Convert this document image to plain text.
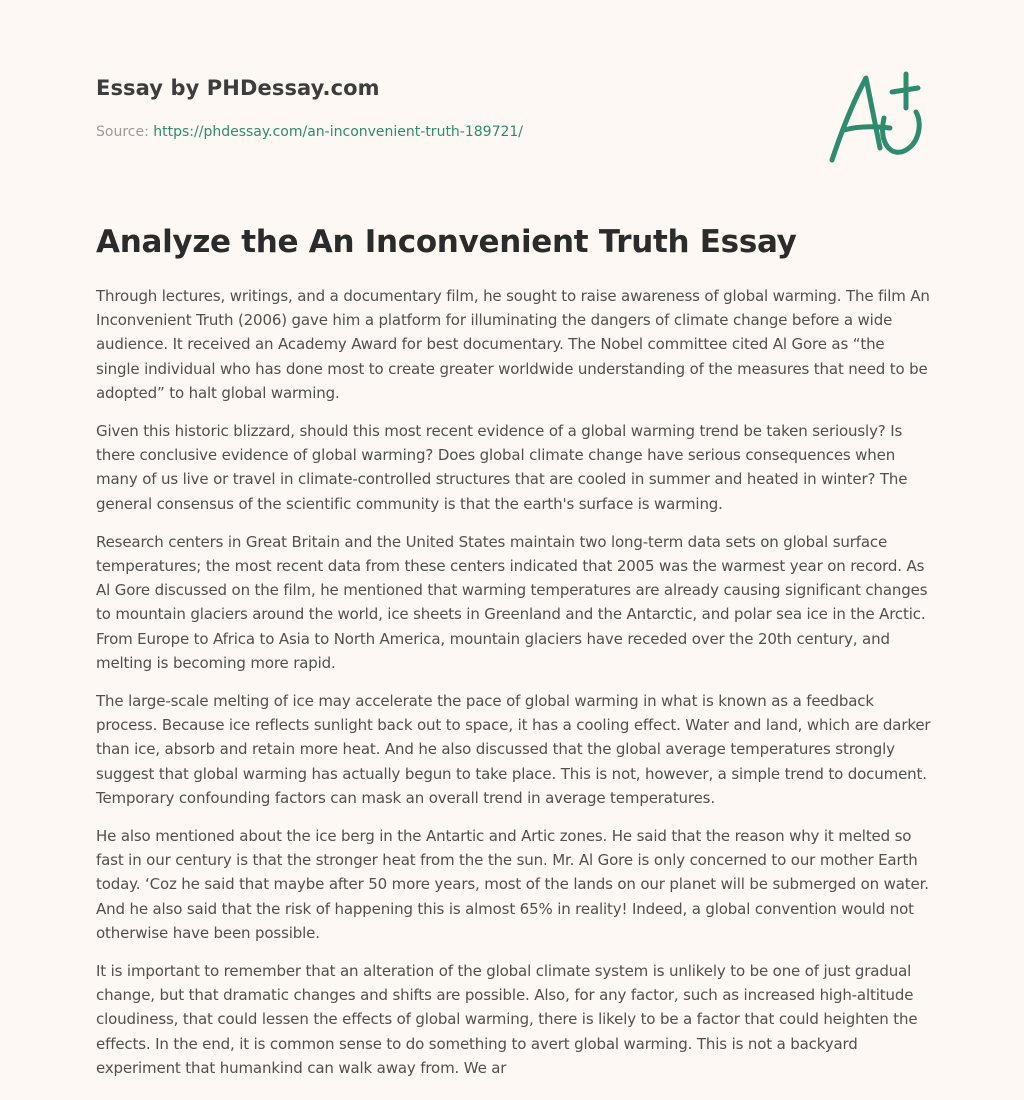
Essay by PHDessay.com
Source: https://phdessay.com/an-inconvenient-truth-189721/
Analyze the An Inconvenient Truth Essay

Through lectures, writings, and a documentary film, he sought to raise awareness of global warming. The film An Inconvenient Truth (2006) gave him a platform for illuminating the dangers of climate change before a wide audience. It received an Academy Award for best documentary. The Nobel committee cited Al Gore as “the single individual who has done most to create greater worldwide understanding of the measures that need to be adopted” to halt global warming.

Given this historic blizzard, should this most recent evidence of a global warming trend be taken seriously? Is there conclusive evidence of global warming? Does global climate change have serious consequences when many of us live or travel in climate-controlled structures that are cooled in summer and heated in winter? The general consensus of the scientific community is that the earth's surface is warming.

Research centers in Great Britain and the United States maintain two long-term data sets on global surface temperatures; the most recent data from these centers indicated that 2005 was the warmest year on record. As Al Gore discussed on the film, he mentioned that warming temperatures are already causing significant changes to mountain glaciers around the world, ice sheets in Greenland and the Antarctic, and polar sea ice in the Arctic. From Europe to Africa to Asia to North America, mountain glaciers have receded over the 20th century, and melting is becoming more rapid.

The large-scale melting of ice may accelerate the pace of global warming in what is known as a feedback process. Because ice reflects sunlight back out to space, it has a cooling effect. Water and land, which are darker than ice, absorb and retain more heat. And he also discussed that the global average temperatures strongly suggest that global warming has actually begun to take place. This is not, however, a simple trend to document. Temporary confounding factors can mask an overall trend in average temperatures.

He also mentioned about the ice berg in the Antartic and Artic zones. He said that the reason why it melted so fast in our century is that the stronger heat from the the sun. Mr. Al Gore is only concerned to our mother Earth today. ‘Coz he said that maybe after 50 more years, most of the lands on our planet will be submerged on water. And he also said that the risk of happening this is almost 65% in reality! Indeed, a global convention would not otherwise have been possible.

It is important to remember that an alteration of the global climate system is unlikely to be one of just gradual change, but that dramatic changes and shifts are possible. Also, for any factor, such as increased high-altitude cloudiness, that could lessen the effects of global warming, there is likely to be a factor that could heighten the effects. In the end, it is common sense to do something to avert global warming. This is not a backyard experiment that humankind can walk away from. We ar
